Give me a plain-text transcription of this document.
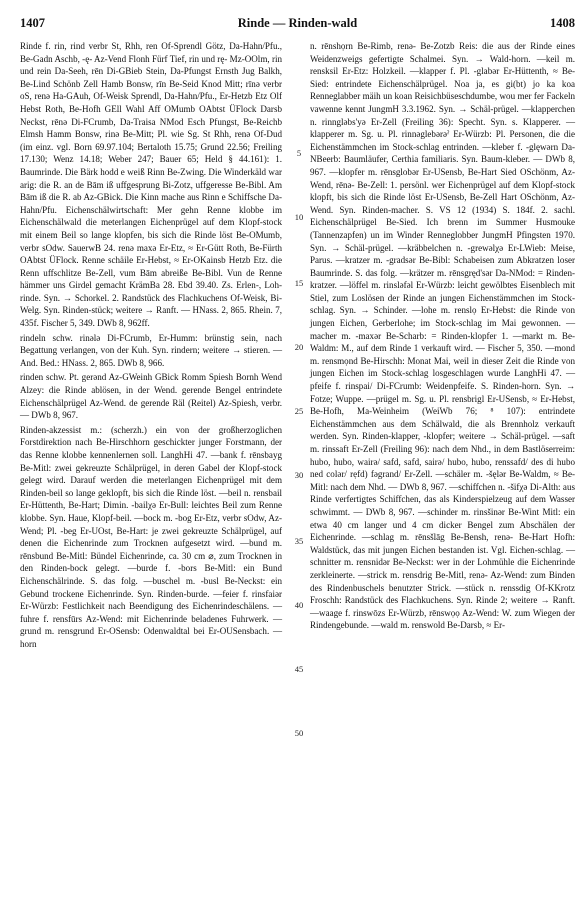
1407	Rinde — Rinden-wald	1408

Rinde f. rin, rind verbr St, Rhh, ren Of-Sprendl Götz, Da-Hahn/Pfu., Be-Gadn Aschb, -ę- Az-Vend Flonh Fürf Tief, rin und rę- Mz-OOlm, rin und rein Da-Seeh, rēn Di-GBieb Stein, Da-Pfungst Ernsth Jug Balkh, Be-Lind Schönb Zell Hamb Bonsw, rīn Be-Seid Knod Mitt; rīnə verbr oS, renə Ha-GAuh, Of-Weisk Sprendl, Da-Hahn/Pfu., Er-Hetzb Etz Olf Hebst Roth, Be-Hofh GEll Wahl Aff OMumb OAbtst ÜFlock Darsb Neckst, rēnə Di-FCrumb, Da-Traisa NMod Esch Pfungst, Be-Reichb Elmsh Hamm Bonsw, rinə Be-Mitt; Pl. wie Sg. St Rhh, renə Of-Dud (im einz. vgl. Born 69.97.104; Bertaloth 15.75; Grund 22.56; Freiling 17.130; Wenz 14.18; Weber 247; Bauer 65; Held § 44.161): 1. Baumrinde. Die Bärk hodd e weiß Rinn Be-Zwing. Die Winderkäld war arig: die R. an de Bām iß uffgesprung Bi-Zotz, uffgeresse Be-Bibl. Am Bām iß die R. ab Az-GBick. Die Kinn mache aus Rinn e Schiffsche Da-Hahn/Pfu. Eichenschälwirtschaft: Mer gehn Renne klobbe im Eichenschälwald die meterlangen Eichenprügel auf dem Klopf-stock mit einem Beil so lange klopfen, bis sich die Rinde löst Be-OMumb, verbr sOdw. SauerwB 24. renə maxə Er-Etz, ≈ Er-Gütt Roth, Be-Fürth OAbtst ÜFlock. Renne schäile Er-Hebst, ≈ Er-OKainsb Hetzb Etz. die Renn uffschlitze Be-Zell, vum Bām abreiße Be-Bibl. Vun de Renne hämmer uns Girdel gemacht KrämBa 28. Ebd 39.40. Zs. Erlen-, Loh-rinde. Syn. → Schorkel. 2. Randstück des Flachkuchens Of-Weisk, Bi-Welg. Syn. Rinden-stück; weitere → Ranft. — HNass. 2, 865. Rhein. 7, 435f. Fischer 5, 349. DWb 8, 962ff.

rindeln schw. rinələ Di-FCrumb, Er-Humm: brünstig sein, nach Begattung verlangen, von der Kuh. Syn. rindern; weitere → stieren. — And. Bed.: HNass. 2, 865. DWb 8, 966.

rinden schw. Pt. gerənd Az-GWeinh GBick Romm Spiesh Bornh Wend Alzey: die Rinde ablösen, in der Wend. gerende Bengel entrindete Eichenschälprügel Az-Wend. de gerende Räl (Reitel) Az-Spiesh, verbr. — DWb 8, 967.

Rinden-akzessist m.: (scherzh.) ein von der großherzoglichen Forstdirektion nach Be-Hirschhorn geschickter junger Forstmann, der das Renne klobbe kennenlernen soll. LanghHi 47. —bank f. rēnsbayg Be-Mitl: zwei gekreuzte Schälprügel, in deren Gabel der Klopf-stock gelegt wird. Darauf werden die meterlangen Eichenprügel mit dem Rinden-beil so lange geklopft, bis sich die Rinde löst. —beil n. rensbail Er-Hüttenth, Be-Hart; Dimin. -bailχə Er-Bull: leichtes Beil zum Renne klobbe. Syn. Haue, Klopf-beil. —bock m. -bog Er-Etz, verbr sOdw, Az-Wend; Pl. -beg Er-UOst, Be-Hart: je zwei gekreuzte Schälprügel, auf denen die Eichenrinde zum Trocknen aufgesetzt wird. —bund m. rēnsbund Be-Mitl: Bündel Eichenrinde, ca. 30 cm ⌀, zum Trocknen in den Rinden-bock gelegt. —burde f. -bors Be-Mitl: ein Bund Eichenschälrinde. S. das folg. —buschel m. -busl Be-Neckst: ein Gebund trockene Eichenrinde. Syn. Rinden-burde. —feier f. rinsfaiər Er-Würzb: Festlichkeit nach Beendigung des Eichenrindeschälens. —fuhre f. rensfūrs Az-Wend: mit Eichenrinde beladenes Fuhrwerk. —grund m. rensgrund Er-OSensb: Odenwaldtal bei Er-OUSensbach. —horn

5
10
15
20
25
30
35
40
45
50

n. rēnshọrn Be-Rimb, renə- Be-Zotzb Reis: die aus der Rinde eines Weidenzweigs gefertigte Schalmei. Syn. → Wald-horn. —keil m. rensksil Er-Etz: Holzkeil. —klapper f. Pl. -glabər Er-Hüttenth, ≈ Be-Sied: entrindete Eichenschälprügel. Noa ja, es gi(bt) jo ka koa Renneglabber mäih un koan Reisichbüseschdumbe, wou mer fer Fackeln vawenne kennt JungmH 3.3.1962. Syn. → Schäl-prügel. —klapperchen n. rinngləbs'yə Er-Zell (Freiling 36): Specht. Syn. s. Klapperer. —klapperer m. Sg. u. Pl. rinnəglebərəˀ Er-Würzb: Pl. Personen, die die Eichenstämmchen im Stock-schlag entrinden. —kleber f. -glęwərn Da-NBeerb: Baumläufer, Certhia familiaris. Syn. Baum-kleber. — DWb 8, 967. —klopfer m. rēnsglobər Er-USensb, Be-Hart Sied OSchönm, Az-Wend, rēnə- Be-Zell: 1. persönl. wer Eichenprügel auf dem Klopf-stock klopft, bis sich die Rinde löst Er-USensb, Be-Zell Hart OSchönm, Az-Wend. Syn. Rinden-macher. S. VS 12 (1934) S. 184f. 2. sachl. Eichenschälprügel Be-Sied. Ich brenn im Summer Husmouke (Tannenzapfen) un im Winder Renneglobber JungmH Pfingsten 1970. Syn. → Schäl-prügel. —kräbbelchen n. -grewəlχə Er-LWieb: Meise, Parus. —kratzer m. -gradsər Be-Bibl: Schabeisen zum Abkratzen loser Baumrinde. S. das folg. —krätzer m. rēnsgręd'sər Da-NMod: = Rinden-kratzer. —löffel m. rinsləfəl Er-Würzb: leicht gewölbtes Eisenblech mit Stiel, zum Loslösen der Rinde an jungen Eichenstämmchen im Stock-schlag. Syn. → Schinder. —lohe m. renslọ Er-Hebst: die Rinde von jungen Eichen, Gerberlohe; im Stock-schlag im Mai gewonnen. —macher m. -maxər Be-Scharb: = Rinden-klopfer 1. —markt m. Be-Waldm: M., auf dem Rinde 1 verkauft wird. — Fischer 5, 350. —mond m. rensmọnd Be-Hirschh: Monat Mai, weil in dieser Zeit die Rinde von jungen Eichen im Stock-schlag losgeschlagen wurde LanghHi 47. —pfeife f. rinspai/ Di-FCrumb: Weidenpfeife. S. Rinden-horn. Syn. → Fotze; Wuppe. —prügel m. Sg. u. Pl. rensbrigl Er-USensb, ≈ Er-Hebst, Be-Hofh, Ma-Weinheim (WeiWb 76; ⁸ 107): entrindete Eichenstämmchen aus dem Schälwald, die als Brennholz verkauft werden. Syn. Rinden-klapper, -klopfer; weitere → Schäl-prügel. —saft m. rinssaft Er-Zell (Freiling 96): nach dem Nhd., in dem Bastlöserreim: hubo, hubo, wairə/ safd, safd, sairə/ hubo, hubo, renssafd/ des di hubo ned colər/ rẹfd) fəgrand/ Er-Zell. —schäler m. -šęlər Be-Waldm, ≈ Be-Mitl: nach dem Nhd. — DWb 8, 967. —schiffchen n. -šifχə Di-Alth: aus Rinde verfertigtes Schiffchen, das als Kinderspielzeug auf dem Wasser schwimmt. — DWb 8, 967. —schinder m. rinsšinər Be-Wint Mitl: ein etwa 40 cm langer und 4 cm dicker Bengel zum Abschälen der Eichenrinde. —schlag m. rēnsšlāg Be-Bensh, renə- Be-Hart Hofh: Waldstück, das mit jungen Eichen bestanden ist. Vgl. Eichen-schlag. —schnitter m. rensnidər Be-Neckst: wer in der Lohmühle die Eichenrinde zerkleinerte. —strick m. rensdrig Be-Mitl, renə- Az-Wend: zum Binden des Rindenbuschels benutzter Strick. —stück n. renssdig Of-KKrotz Froschh: Randstück des Flachkuchens. Syn. Rinde 2; weitere → Ranft. —waage f. rinswōzs Er-Würzb, rēnswọọ Az-Wend: W. zum Wiegen der Rindengebunde. —wald m. renswold Be-Darsb, ≈ Er-
